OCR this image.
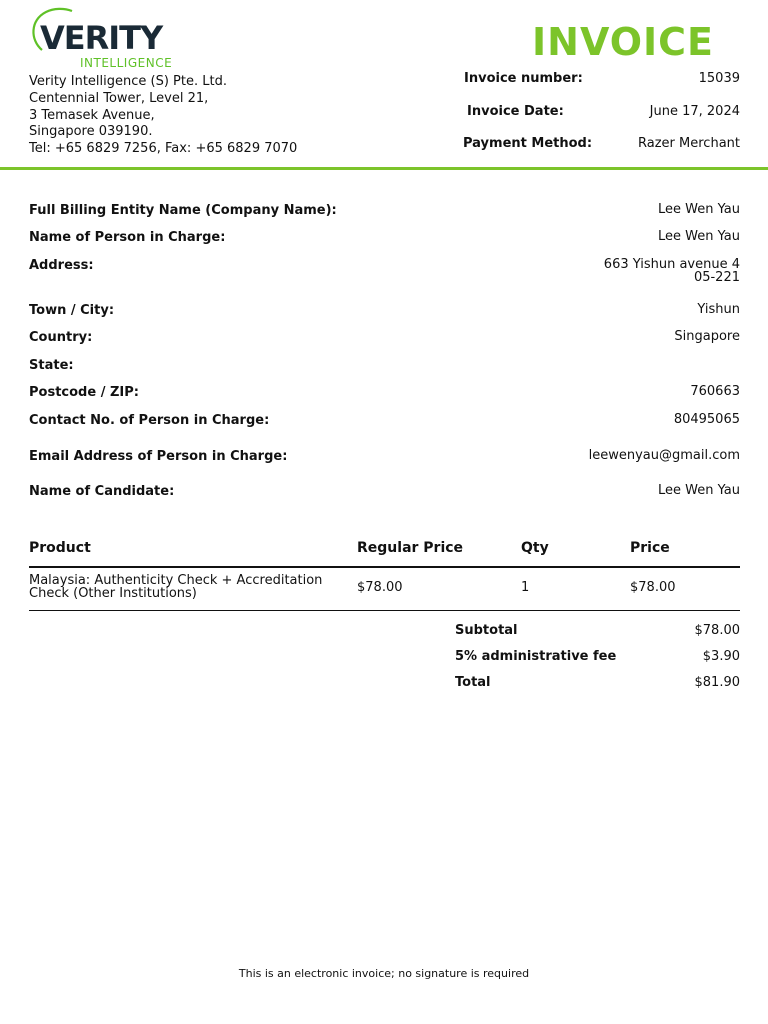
VERITY
INTELLIGENCE
Verity Intelligence (S) Pte. Ltd.
Centennial Tower, Level 21,
3 Temasek Avenue,
Singapore 039190.
Tel: +65 6829 7256, Fax: +65 6829 7070
INVOICE
Invoice number:	15039
Invoice Date:	June 17, 2024
Payment Method:	Razer Merchant
Full Billing Entity Name (Company Name):	Lee Wen Yau
Name of Person in Charge:	Lee Wen Yau
Address:	663 Yishun avenue 4
05-221
Town / City:	Yishun
Country:	Singapore
State:
Postcode / ZIP:	760663
Contact No. of Person in Charge:	80495065
Email Address of Person in Charge:	leewenyau@gmail.com
Name of Candidate:	Lee Wen Yau
Product	Regular Price	Qty	Price
Malaysia: Authenticity Check + Accreditation
Check (Other Institutions)	$78.00	1	$78.00
Subtotal	$78.00
5% administrative fee	$3.90
Total	$81.90
This is an electronic invoice; no signature is required
